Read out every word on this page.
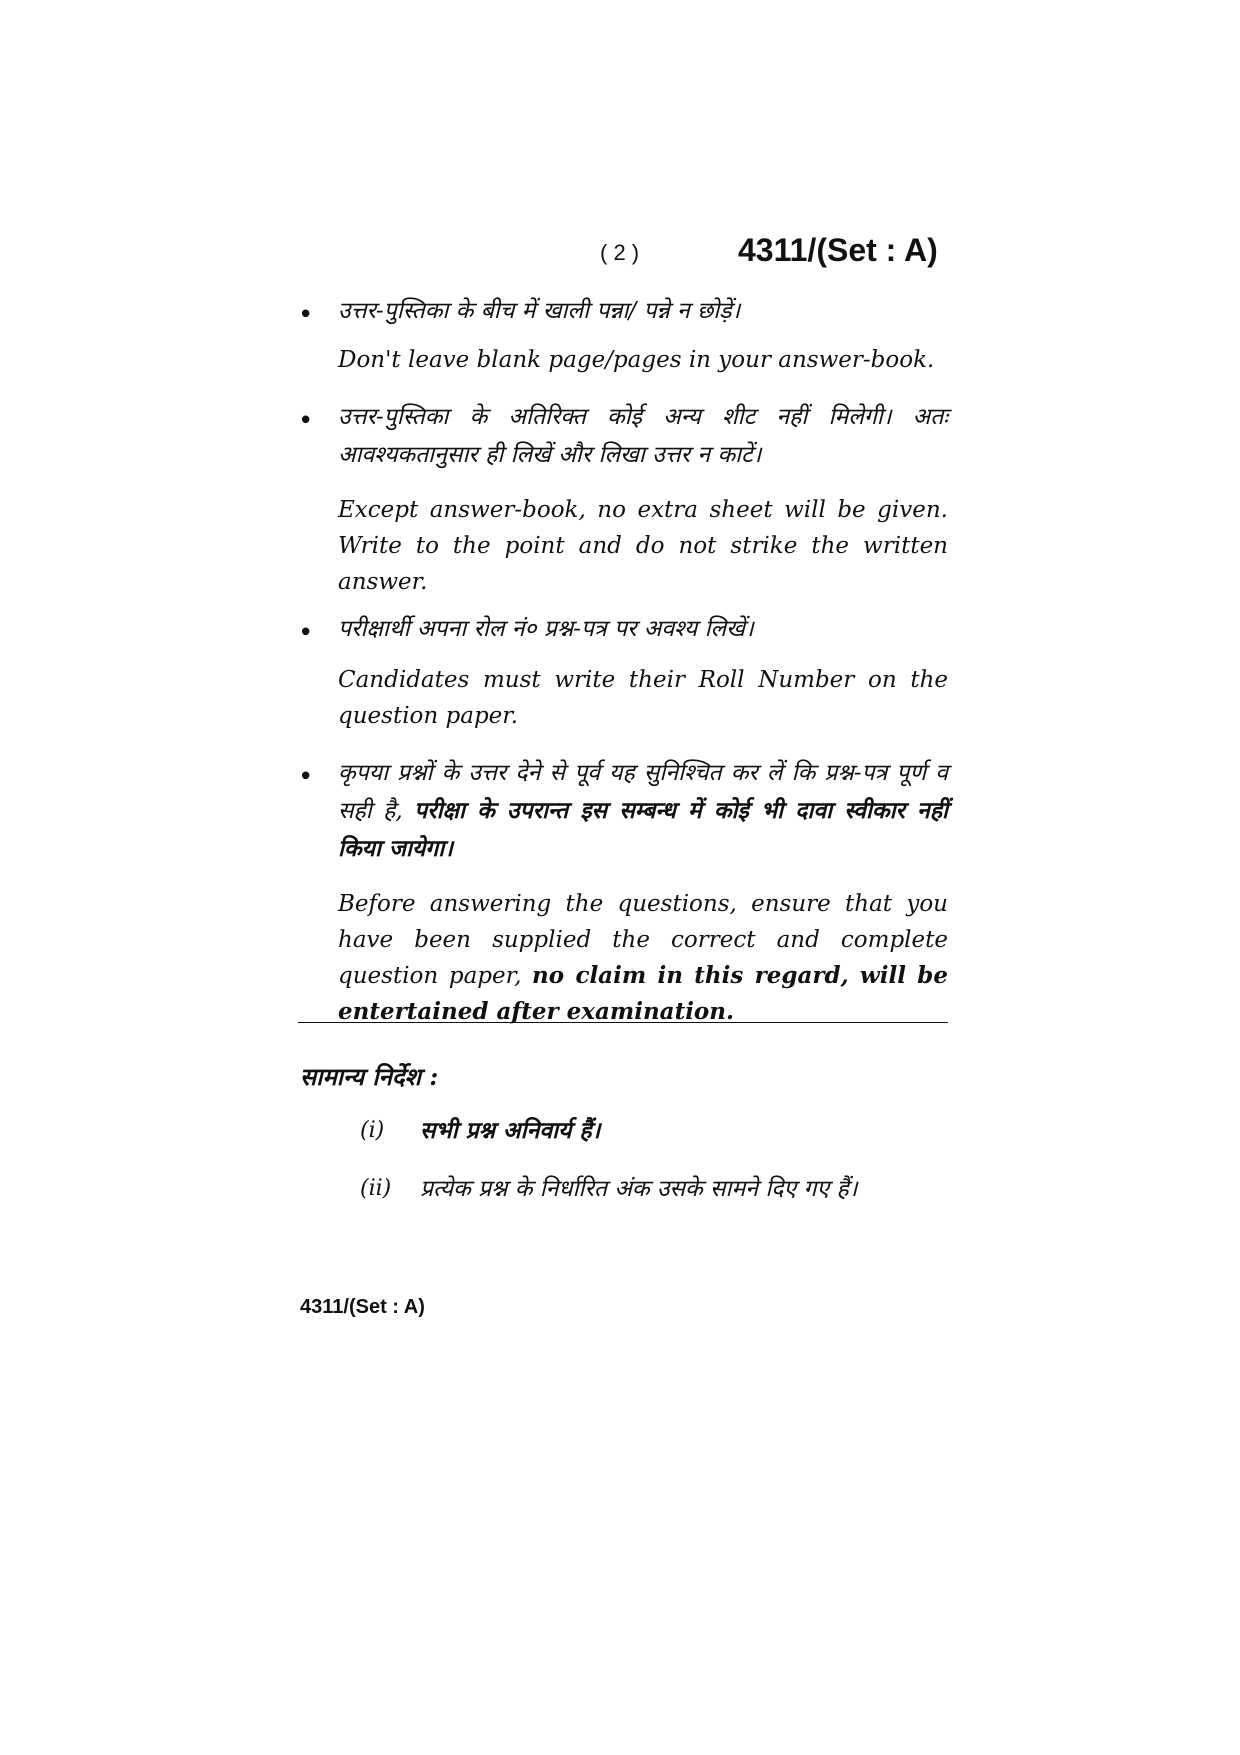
( 2 )	4311/(Set : A)
• उत्तर-पुस्तिका के बीच में खाली पन्ना/ पन्ने न छोड़ें।
Don't leave blank page/pages in your answer-book.
• उत्तर-पुस्तिका के अतिरिक्त कोई अन्य शीट नहीं मिलेगी। अतः
आवश्यकतानुसार ही लिखें और लिखा उत्तर न काटें।
Except answer-book, no extra sheet will be given. Write to the point and do not strike the written answer.
• परीक्षार्थी अपना रोल नं० प्रश्न-पत्र पर अवश्य लिखें।
Candidates must write their Roll Number on the question paper.
• कृपया प्रश्नों के उत्तर देने से पूर्व यह सुनिश्चित कर लें कि प्रश्न-पत्र पूर्ण व सही है, परीक्षा के उपरान्त इस सम्बन्ध में कोई भी दावा स्वीकार नहीं किया जायेगा।
Before answering the questions, ensure that you have been supplied the correct and complete question paper, no claim in this regard, will be entertained after examination.
सामान्य निर्देश :
(i) सभी प्रश्न अनिवार्य हैं।
(ii) प्रत्येक प्रश्न के निर्धारित अंक उसके सामने दिए गए हैं।
4311/(Set : A)
